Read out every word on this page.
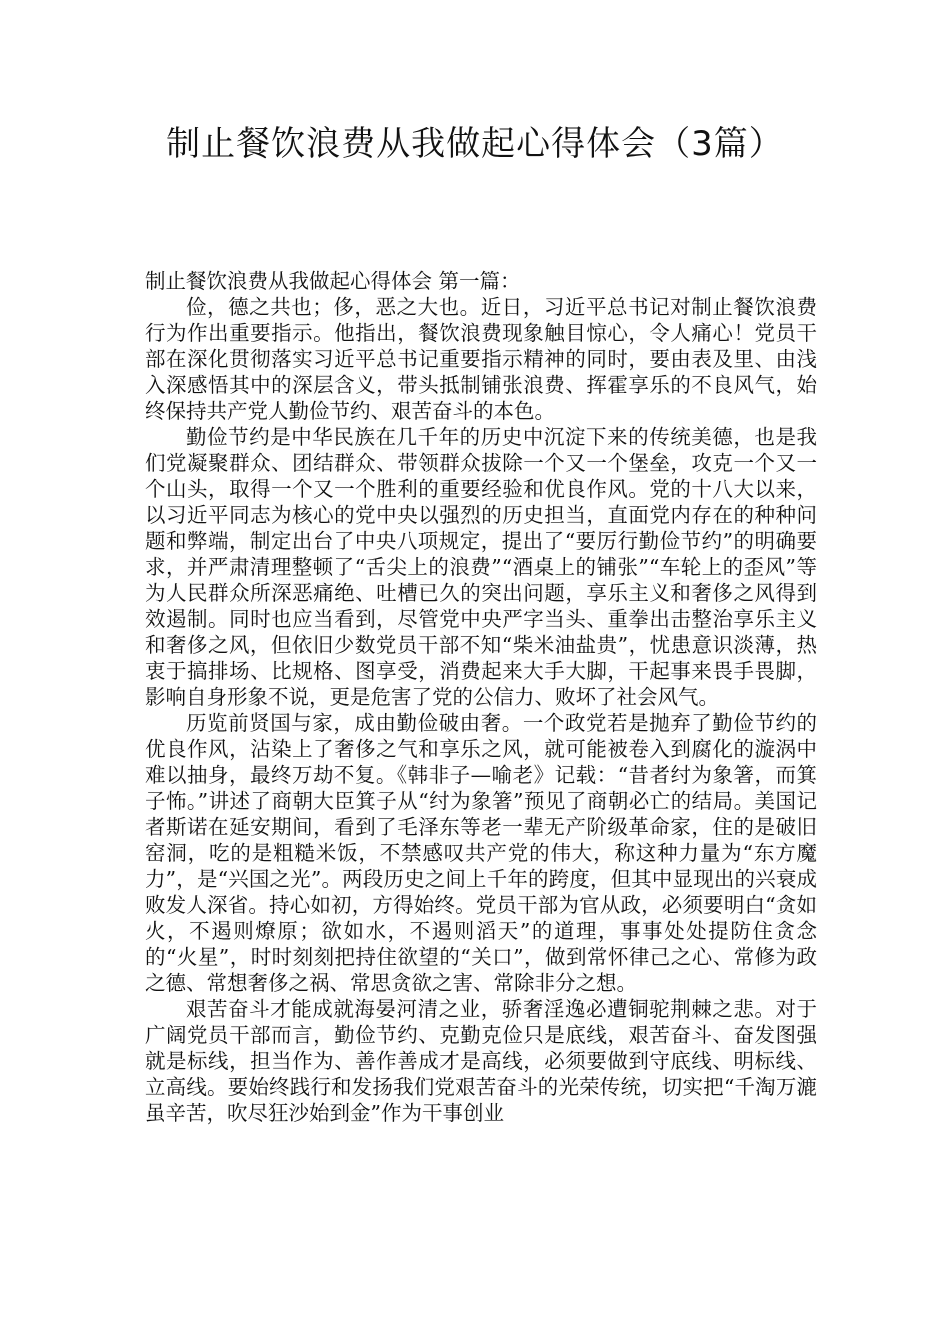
制止餐饮浪费从我做起心得体会（3篇）

制止餐饮浪费从我做起心得体会 第一篇：

俭，德之共也；侈，恶之大也。近日，习近平总书记对制止餐饮浪费行为作出重要指示。他指出，餐饮浪费现象触目惊心，令人痛心！党员干部在深化贯彻落实习近平总书记重要指示精神的同时，要由表及里、由浅入深感悟其中的深层含义，带头抵制铺张浪费、挥霍享乐的不良风气，始终保持共产党人勤俭节约、艰苦奋斗的本色。

勤俭节约是中华民族在几千年的历史中沉淀下来的传统美德，也是我们党凝聚群众、团结群众、带领群众拔除一个又一个堡垒，攻克一个又一个山头，取得一个又一个胜利的重要经验和优良作风。党的十八大以来，以习近平同志为核心的党中央以强烈的历史担当，直面党内存在的种种问题和弊端，制定出台了中央八项规定，提出了“要厉行勤俭节约”的明确要求，并严肃清理整顿了“舌尖上的浪费”“酒桌上的铺张”“车轮上的歪风”等为人民群众所深恶痛绝、吐槽已久的突出问题，享乐主义和奢侈之风得到效遏制。同时也应当看到，尽管党中央严字当头、重拳出击整治享乐主义和奢侈之风，但依旧少数党员干部不知“柴米油盐贵”，忧患意识淡薄，热衷于搞排场、比规格、图享受，消费起来大手大脚，干起事来畏手畏脚，影响自身形象不说，更是危害了党的公信力、败坏了社会风气。

历览前贤国与家，成由勤俭破由奢。一个政党若是抛弃了勤俭节约的优良作风，沾染上了奢侈之气和享乐之风，就可能被卷入到腐化的漩涡中难以抽身，最终万劫不复。《韩非子—喻老》记载：“昔者纣为象箸，而箕子怖。”讲述了商朝大臣箕子从“纣为象箸”预见了商朝必亡的结局。美国记者斯诺在延安期间，看到了毛泽东等老一辈无产阶级革命家，住的是破旧窑洞，吃的是粗糙米饭，不禁感叹共产党的伟大，称这种力量为“东方魔力”，是“兴国之光”。两段历史之间上千年的跨度，但其中显现出的兴衰成败发人深省。持心如初，方得始终。党员干部为官从政，必须要明白“贪如火，不遏则燎原；欲如水，不遏则滔天”的道理，事事处处提防住贪念的“火星”，时时刻刻把持住欲望的“关口”，做到常怀律己之心、常修为政之德、常想奢侈之祸、常思贪欲之害、常除非分之想。

艰苦奋斗才能成就海晏河清之业，骄奢淫逸必遭铜驼荆棘之悲。对于广阔党员干部而言，勤俭节约、克勤克俭只是底线，艰苦奋斗、奋发图强就是标线，担当作为、善作善成才是高线，必须要做到守底线、明标线、立高线。要始终践行和发扬我们党艰苦奋斗的光荣传统，切实把“千淘万漉虽辛苦，吹尽狂沙始到金”作为干事创业
